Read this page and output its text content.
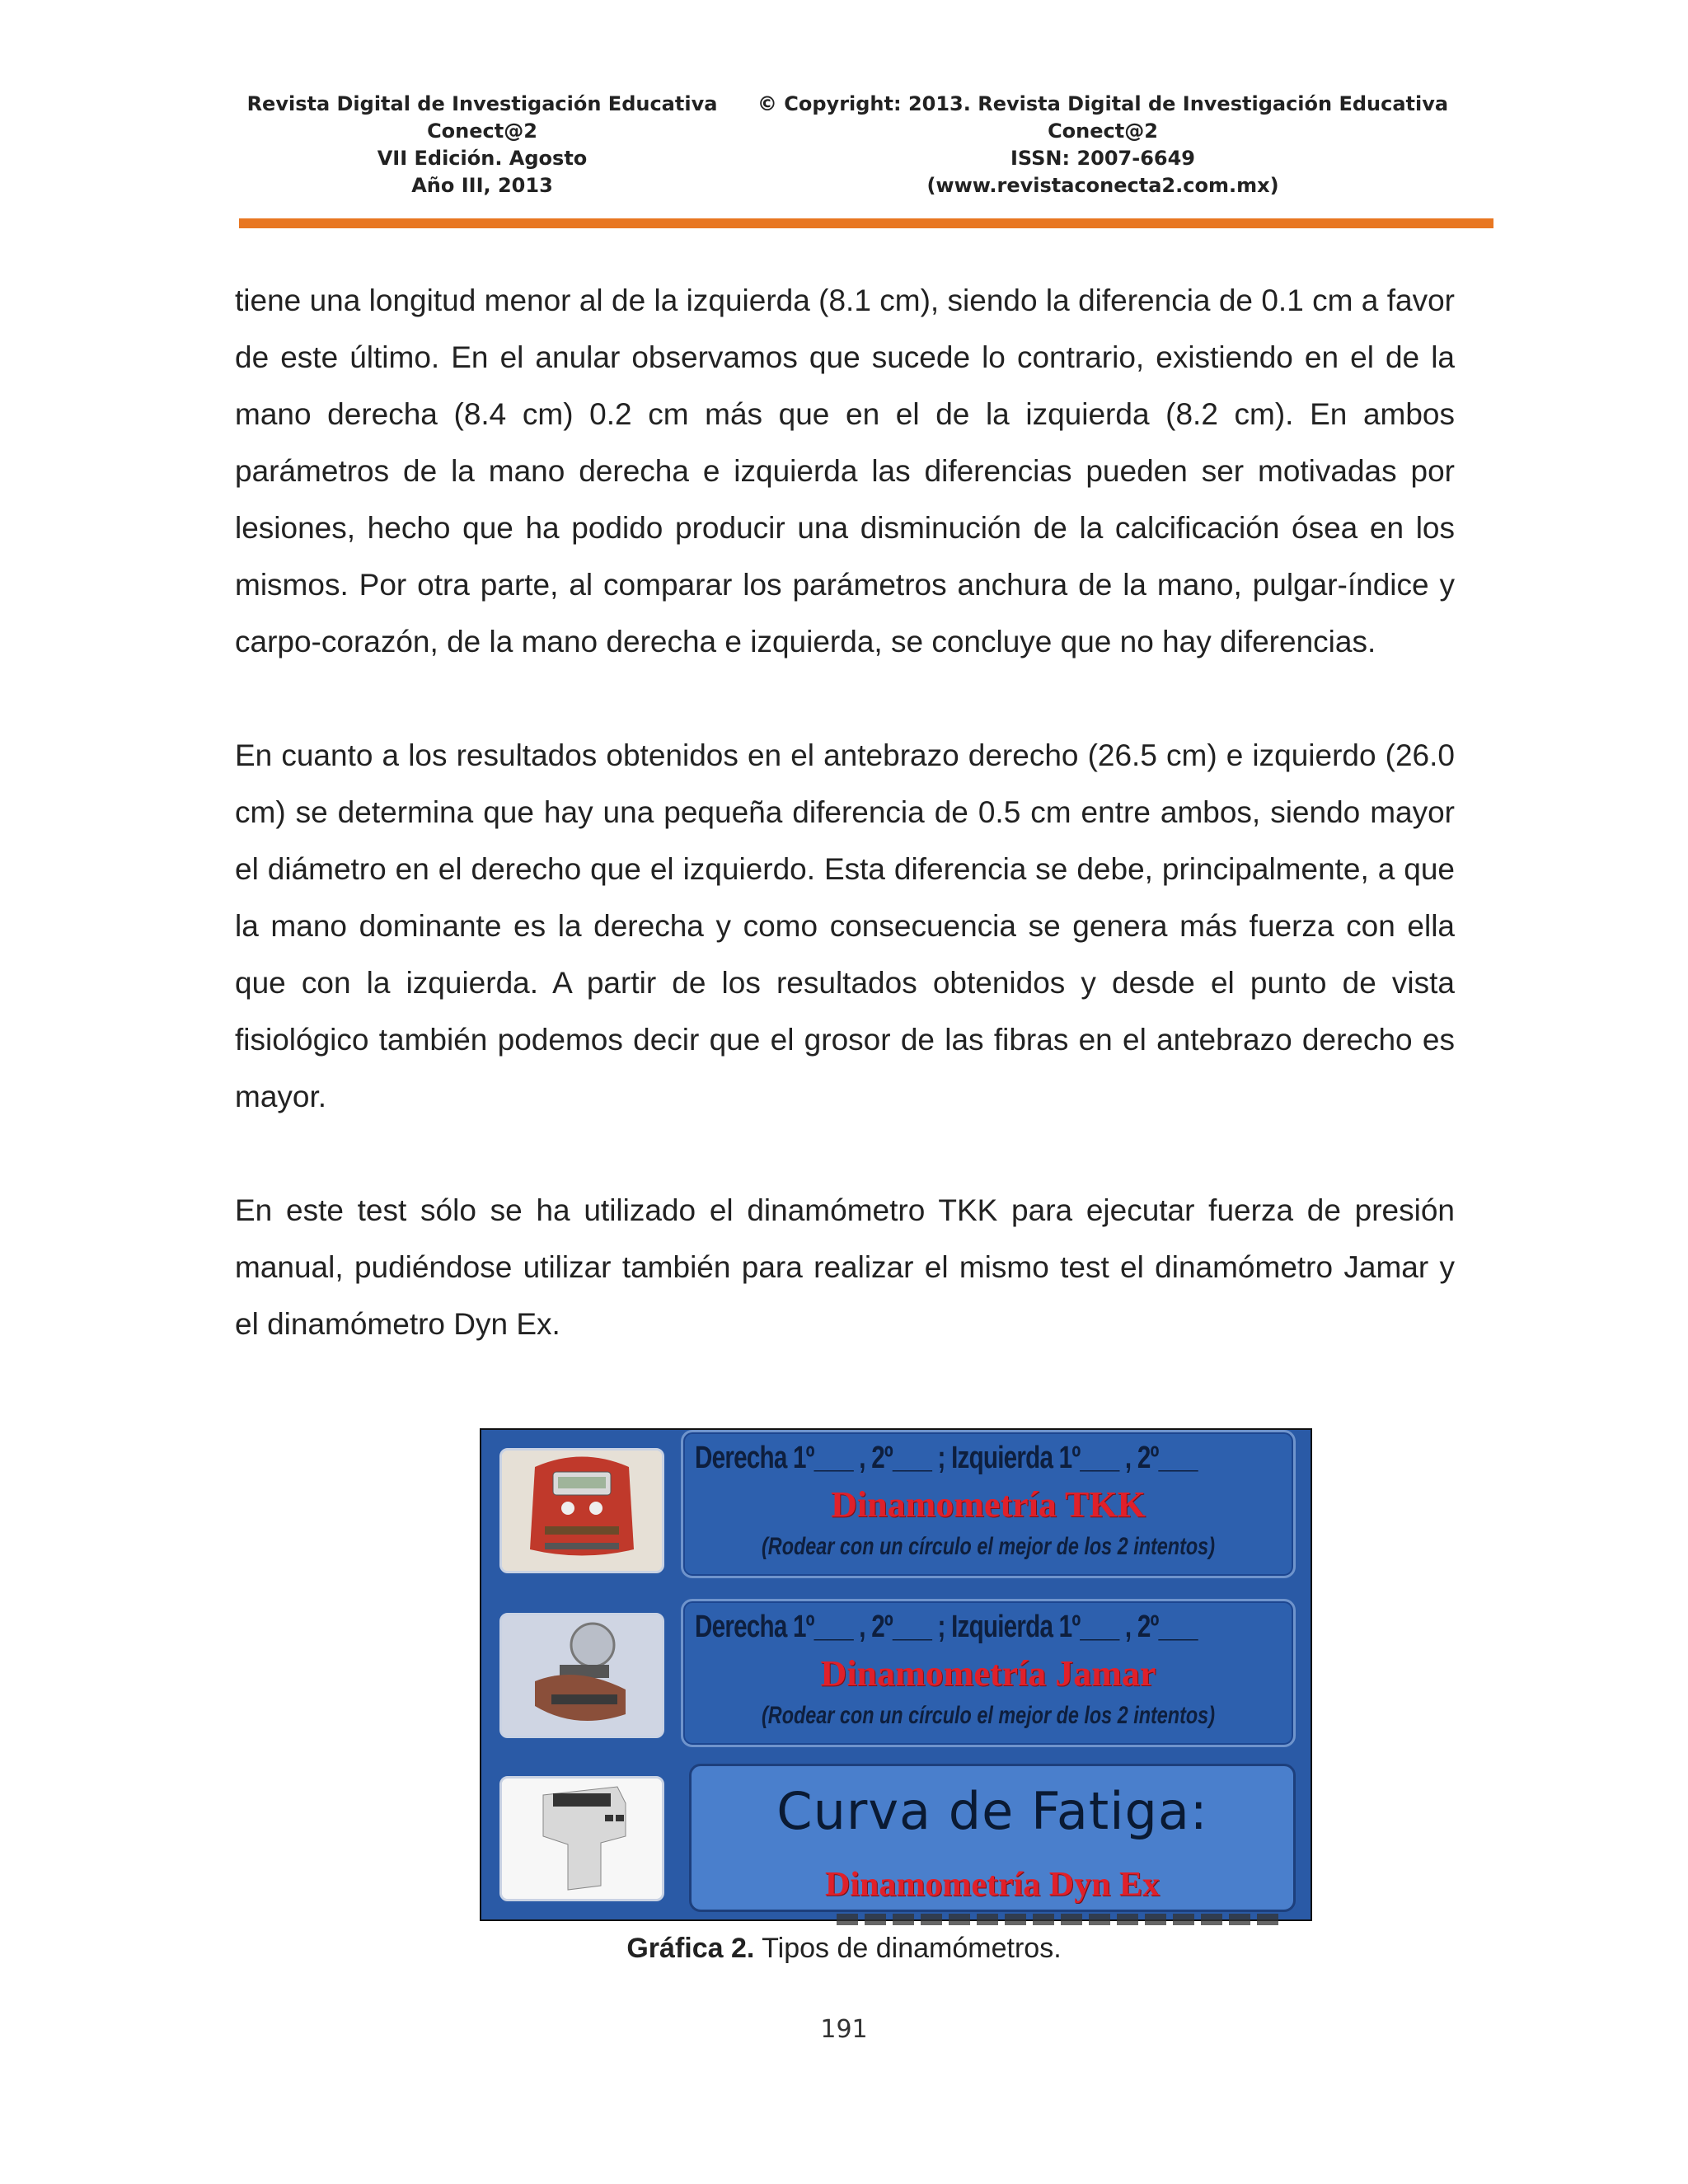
Revista Digital de Investigación Educativa
Conect@2
VII Edición. Agosto
Año III, 2013
© Copyright: 2013. Revista Digital de Investigación Educativa
Conect@2
ISSN: 2007-6649
(www.revistaconecta2.com.mx)

tiene una longitud menor al de la izquierda (8.1 cm), siendo la diferencia de 0.1 cm a favor de este último. En el anular observamos que sucede lo contrario, existiendo en el de la mano derecha (8.4 cm) 0.2 cm más que en el de la izquierda (8.2 cm). En ambos parámetros de la mano derecha e izquierda las diferencias pueden ser motivadas por lesiones, hecho que ha podido producir una disminución de la calcificación ósea en los mismos. Por otra parte, al comparar los parámetros anchura de la mano, pulgar-índice y carpo-corazón, de la mano derecha e izquierda, se concluye que no hay diferencias.

En cuanto a los resultados obtenidos en el antebrazo derecho (26.5 cm) e izquierdo (26.0 cm) se determina que hay una pequeña diferencia de 0.5 cm entre ambos, siendo mayor el diámetro en el derecho que el izquierdo. Esta diferencia se debe, principalmente, a que la mano dominante es la derecha y como consecuencia se genera más fuerza con ella que con la izquierda. A partir de los resultados obtenidos y desde el punto de vista fisiológico también podemos decir que el grosor de las fibras en el antebrazo derecho es mayor.

En este test sólo se ha utilizado el dinamómetro TKK para ejecutar fuerza de presión manual, pudiéndose utilizar también para realizar el mismo test el dinamómetro Jamar y el dinamómetro Dyn Ex.

Derecha 1º___ , 2º___ ; Izquierda 1º___ , 2º___
Dinamometría TKK
(Rodear con un círculo el mejor de los 2 intentos)
Derecha 1º___ , 2º___ ; Izquierda 1º___ , 2º___
Dinamometría Jamar
(Rodear con un círculo el mejor de los 2 intentos)
Curva de Fatiga:
Dinamometría Dyn Ex
Gráfica 2. Tipos de dinamómetros.
191
